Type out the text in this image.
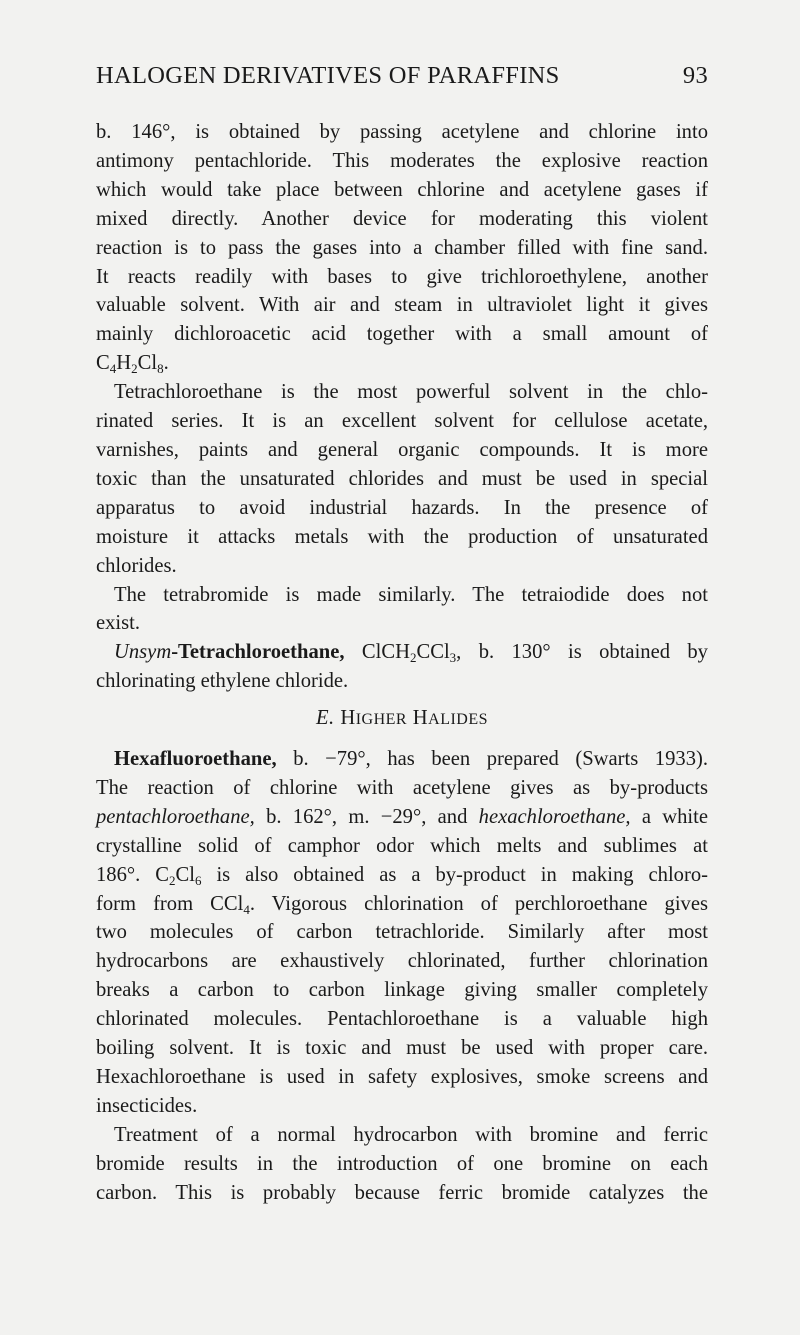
HALOGEN DERIVATIVES OF PARAFFINS	93

b. 146°, is obtained by passing acetylene and chlorine into

antimony pentachloride. This moderates the explosive reaction

which would take place between chlorine and acetylene gases if

mixed directly. Another device for moderating this violent

reaction is to pass the gases into a chamber filled with fine sand.

It reacts readily with bases to give trichloroethylene, another

valuable solvent. With air and steam in ultraviolet light it gives

mainly dichloroacetic acid together with a small amount of

$C_4H_2Cl_8$.

Tetrachloroethane is the most powerful solvent in the chlo-

rinated series. It is an excellent solvent for cellulose acetate,

varnishes, paints and general organic compounds. It is more

toxic than the unsaturated chlorides and must be used in special

apparatus to avoid industrial hazards. In the presence of

moisture it attacks metals with the production of unsaturated

chlorides.

The tetrabromide is made similarly. The tetraiodide does not

exist.

Unsym-Tetrachloroethane, ClCH$_2$CCl$_3$, b. 130° is obtained by

chlorinating ethylene chloride.

E. HIGHER HALIDES

Hexafluoroethane, b. −79°, has been prepared (Swarts 1933).

The reaction of chlorine with acetylene gives as by-products

pentachloroethane, b. 162°, m. −29°, and hexachloroethane, a white

crystalline solid of camphor odor which melts and sublimes at

186°. $C_2Cl_6$ is also obtained as a by-product in making chloro-

form from CCl$_4$. Vigorous chlorination of perchloroethane gives

two molecules of carbon tetrachloride. Similarly after most

hydrocarbons are exhaustively chlorinated, further chlorination

breaks a carbon to carbon linkage giving smaller completely

chlorinated molecules. Pentachloroethane is a valuable high

boiling solvent. It is toxic and must be used with proper care.

Hexachloroethane is used in safety explosives, smoke screens and

insecticides.

Treatment of a normal hydrocarbon with bromine and ferric

bromide results in the introduction of one bromine on each

carbon. This is probably because ferric bromide catalyzes the
